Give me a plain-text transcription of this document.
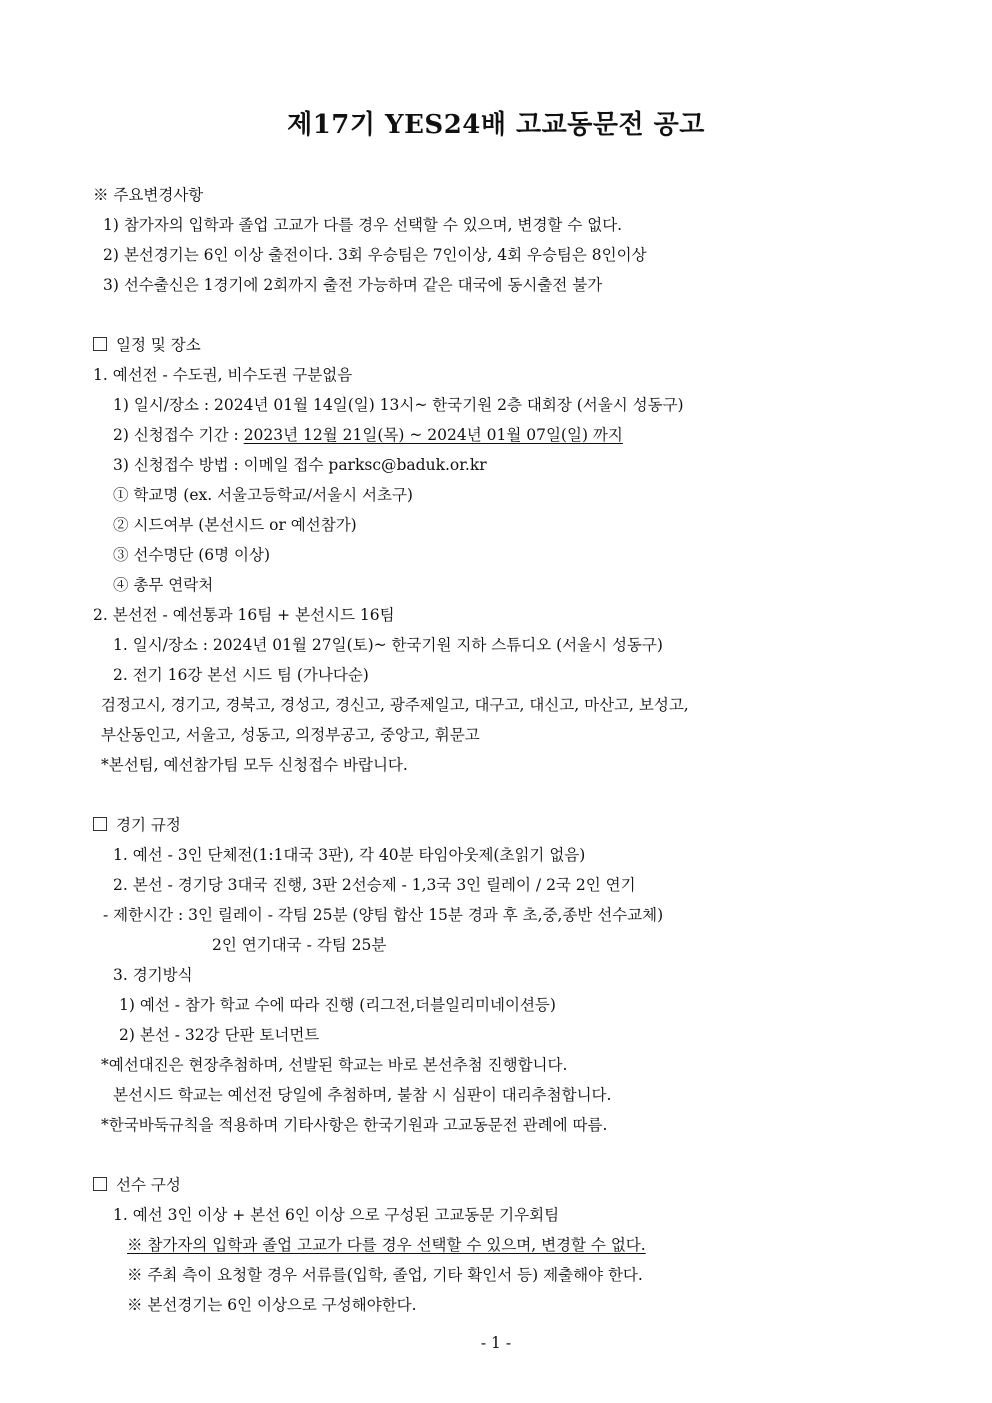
제17기 YES24배 고교동문전 공고
※ 주요변경사항
1) 참가자의 입학과 졸업 고교가 다를 경우 선택할 수 있으며, 변경할 수 없다.
2) 본선경기는 6인 이상 출전이다. 3회 우승팀은 7인이상, 4회 우승팀은 8인이상
3) 선수출신은 1경기에 2회까지 출전 가능하며 같은 대국에 동시출전 불가
일정 및 장소
1. 예선전 - 수도권, 비수도권 구분없음
1) 일시/장소 : 2024년 01월 14일(일) 13시~ 한국기원 2층 대회장 (서울시 성동구)
2) 신청접수 기간 : 2023년 12월 21일(목) ~ 2024년 01월 07일(일) 까지
3) 신청접수 방법 : 이메일 접수 parksc@baduk.or.kr
① 학교명 (ex. 서울고등학교/서울시 서초구)
② 시드여부 (본선시드 or 예선참가)
③ 선수명단 (6명 이상)
④ 총무 연락처
2. 본선전 - 예선통과 16팀 + 본선시드 16팀
1. 일시/장소 : 2024년 01월 27일(토)~ 한국기원 지하 스튜디오 (서울시 성동구)
2. 전기 16강 본선 시드 팀 (가나다순)
검정고시, 경기고, 경북고, 경성고, 경신고, 광주제일고, 대구고, 대신고, 마산고, 보성고,
부산동인고, 서울고, 성동고, 의정부공고, 중앙고, 휘문고
*본선팀, 예선참가팀 모두 신청접수 바랍니다.
경기 규정
1. 예선 - 3인 단체전(1:1대국 3판), 각 40분 타임아웃제(초읽기 없음)
2. 본선 - 경기당 3대국 진행, 3판 2선승제 - 1,3국 3인 릴레이 / 2국 2인 연기
- 제한시간 : 3인 릴레이 - 각팀 25분 (양팀 합산 15분 경과 후 초,중,종반 선수교체)
2인 연기대국 - 각팀 25분
3. 경기방식
1) 예선 - 참가 학교 수에 따라 진행 (리그전,더블일리미네이션등)
2) 본선 - 32강 단판 토너먼트
*예선대진은 현장추첨하며, 선발된 학교는 바로 본선추첨 진행합니다.
본선시드 학교는 예선전 당일에 추첨하며, 불참 시 심판이 대리추첨합니다.
*한국바둑규칙을 적용하며 기타사항은 한국기원과 고교동문전 관례에 따름.
선수 구성
1. 예선 3인 이상 + 본선 6인 이상 으로 구성된 고교동문 기우회팀
※ 참가자의 입학과 졸업 고교가 다를 경우 선택할 수 있으며, 변경할 수 없다.
※ 주최 측이 요청할 경우 서류를(입학, 졸업, 기타 확인서 등) 제출해야 한다.
※ 본선경기는 6인 이상으로 구성해야한다.
- 1 -
